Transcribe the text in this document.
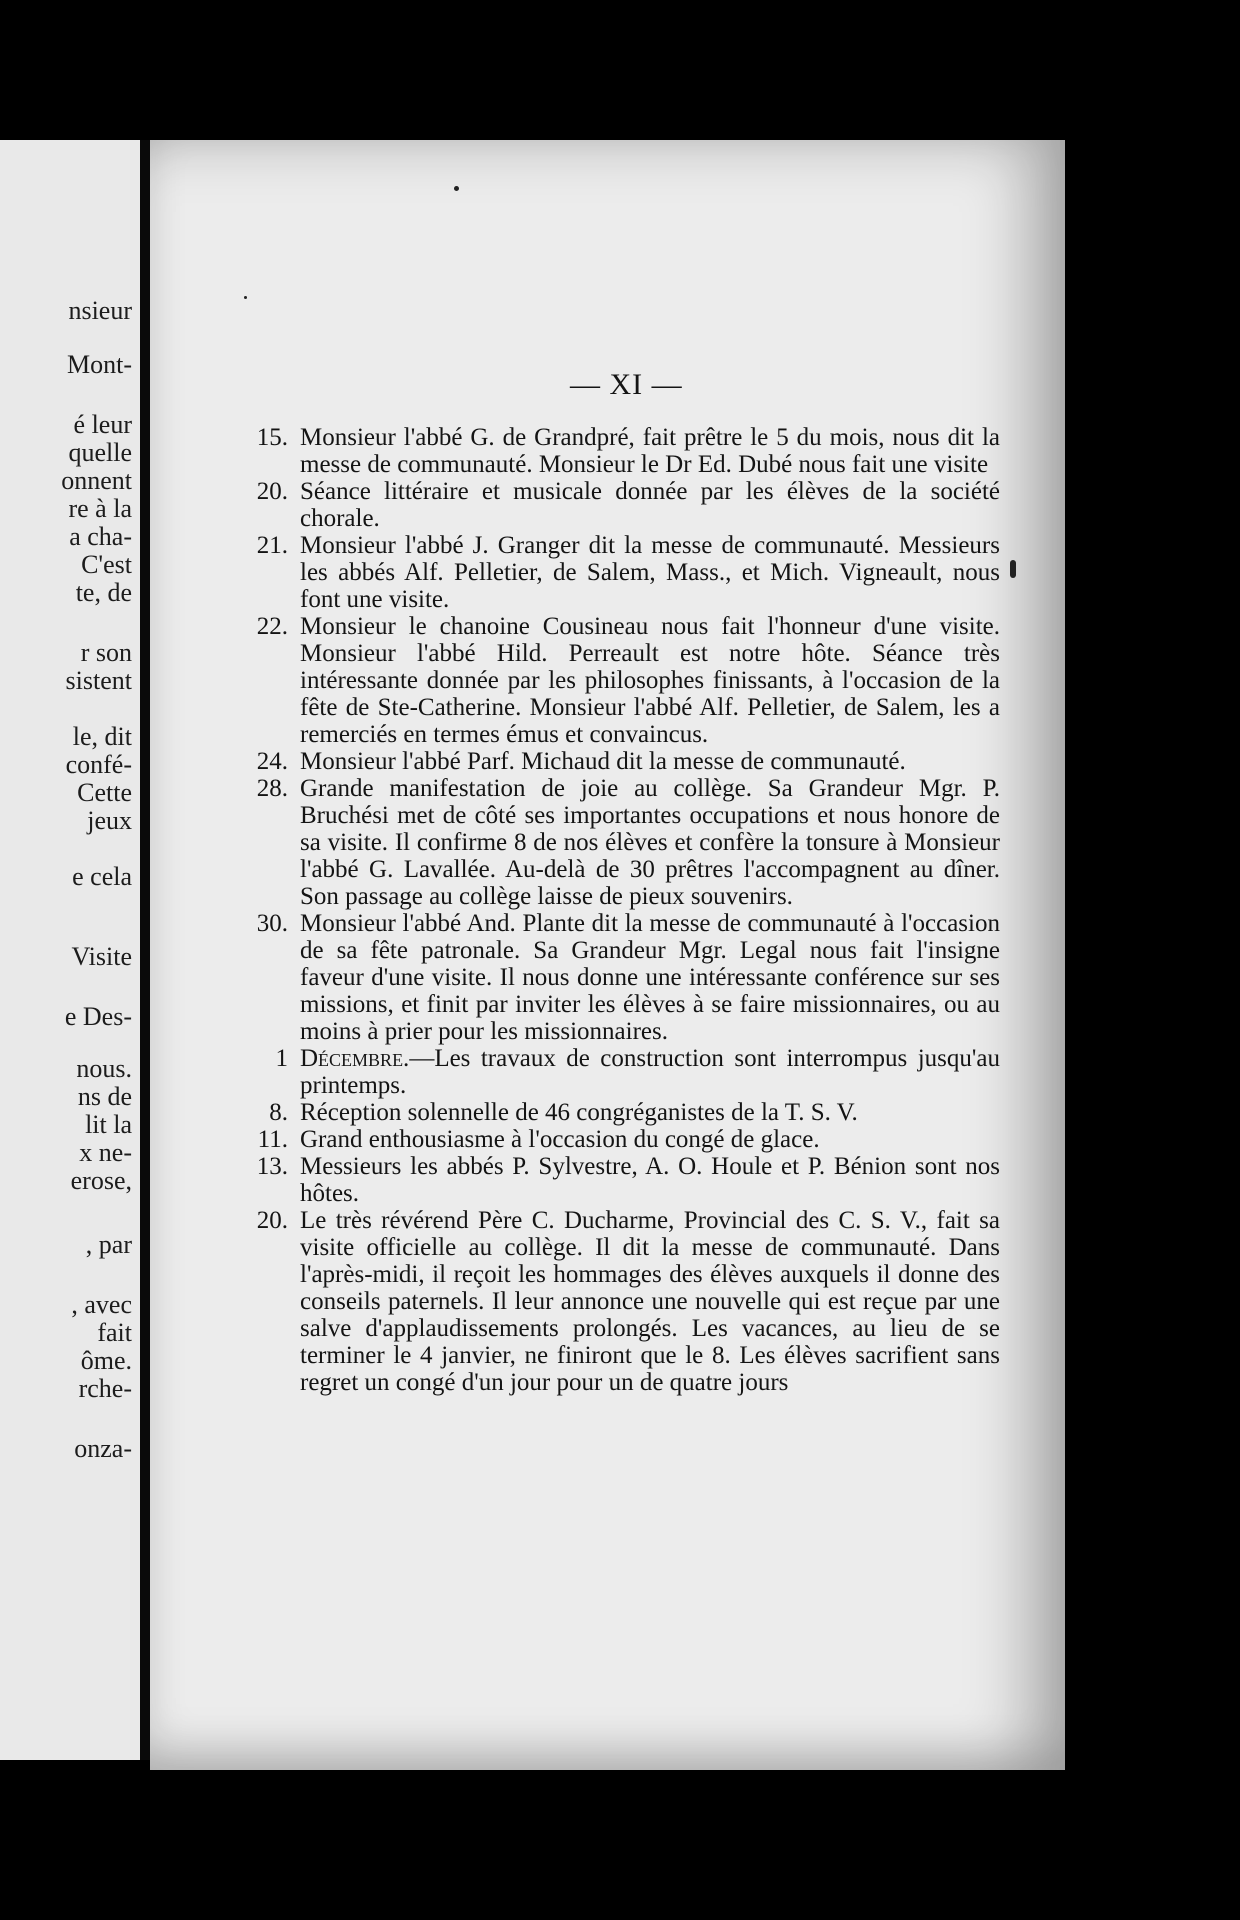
nsieur
Mont-
é leur
quelle
onnent
re à la
a cha-
C'est
te, de
r son
sistent
le, dit
confé-
Cette
jeux
e cela
Visite
e Des-
nous.
ns de
lit la
x ne-
erose,
, par
, avec
fait
ôme.
rche-
onza-
— XI —
15. Monsieur l'abbé G. de Grandpré, fait prêtre le 5 du mois, nous dit la messe de communauté. Monsieur le Dr Ed. Dubé nous fait une visite
20. Séance littéraire et musicale donnée par les élèves de la société chorale.
21. Monsieur l'abbé J. Granger dit la messe de communauté. Messieurs les abbés Alf. Pelletier, de Salem, Mass., et Mich. Vigneault, nous font une visite.
22. Monsieur le chanoine Cousineau nous fait l'honneur d'une visite. Monsieur l'abbé Hild. Perreault est notre hôte. Séance très intéressante donnée par les philosophes finissants, à l'occasion de la fête de Ste-Catherine. Monsieur l'abbé Alf. Pelletier, de Salem, les a remerciés en termes émus et convaincus.
24. Monsieur l'abbé Parf. Michaud dit la messe de communauté.
28. Grande manifestation de joie au collège. Sa Grandeur Mgr. P. Bruchési met de côté ses importantes occupations et nous honore de sa visite. Il confirme 8 de nos élèves et confère la tonsure à Monsieur l'abbé G. Lavallée. Au-delà de 30 prêtres l'accompagnent au dîner. Son passage au collège laisse de pieux souvenirs.
30. Monsieur l'abbé And. Plante dit la messe de communauté à l'occasion de sa fête patronale. Sa Grandeur Mgr. Legal nous fait l'insigne faveur d'une visite. Il nous donne une intéressante conférence sur ses missions, et finit par inviter les élèves à se faire missionnaires, ou au moins à prier pour les missionnaires.
1 Décembre.—Les travaux de construction sont interrompus jusqu'au printemps.
8. Réception solennelle de 46 congréganistes de la T. S. V.
11. Grand enthousiasme à l'occasion du congé de glace.
13. Messieurs les abbés P. Sylvestre, A. O. Houle et P. Bénion sont nos hôtes.
20. Le très révérend Père C. Ducharme, Provincial des C. S. V., fait sa visite officielle au collège. Il dit la messe de communauté. Dans l'après-midi, il reçoit les hommages des élèves auxquels il donne des conseils paternels. Il leur annonce une nouvelle qui est reçue par une salve d'applaudissements prolongés. Les vacances, au lieu de se terminer le 4 janvier, ne finiront que le 8. Les élèves sacrifient sans regret un congé d'un jour pour un de quatre jours
